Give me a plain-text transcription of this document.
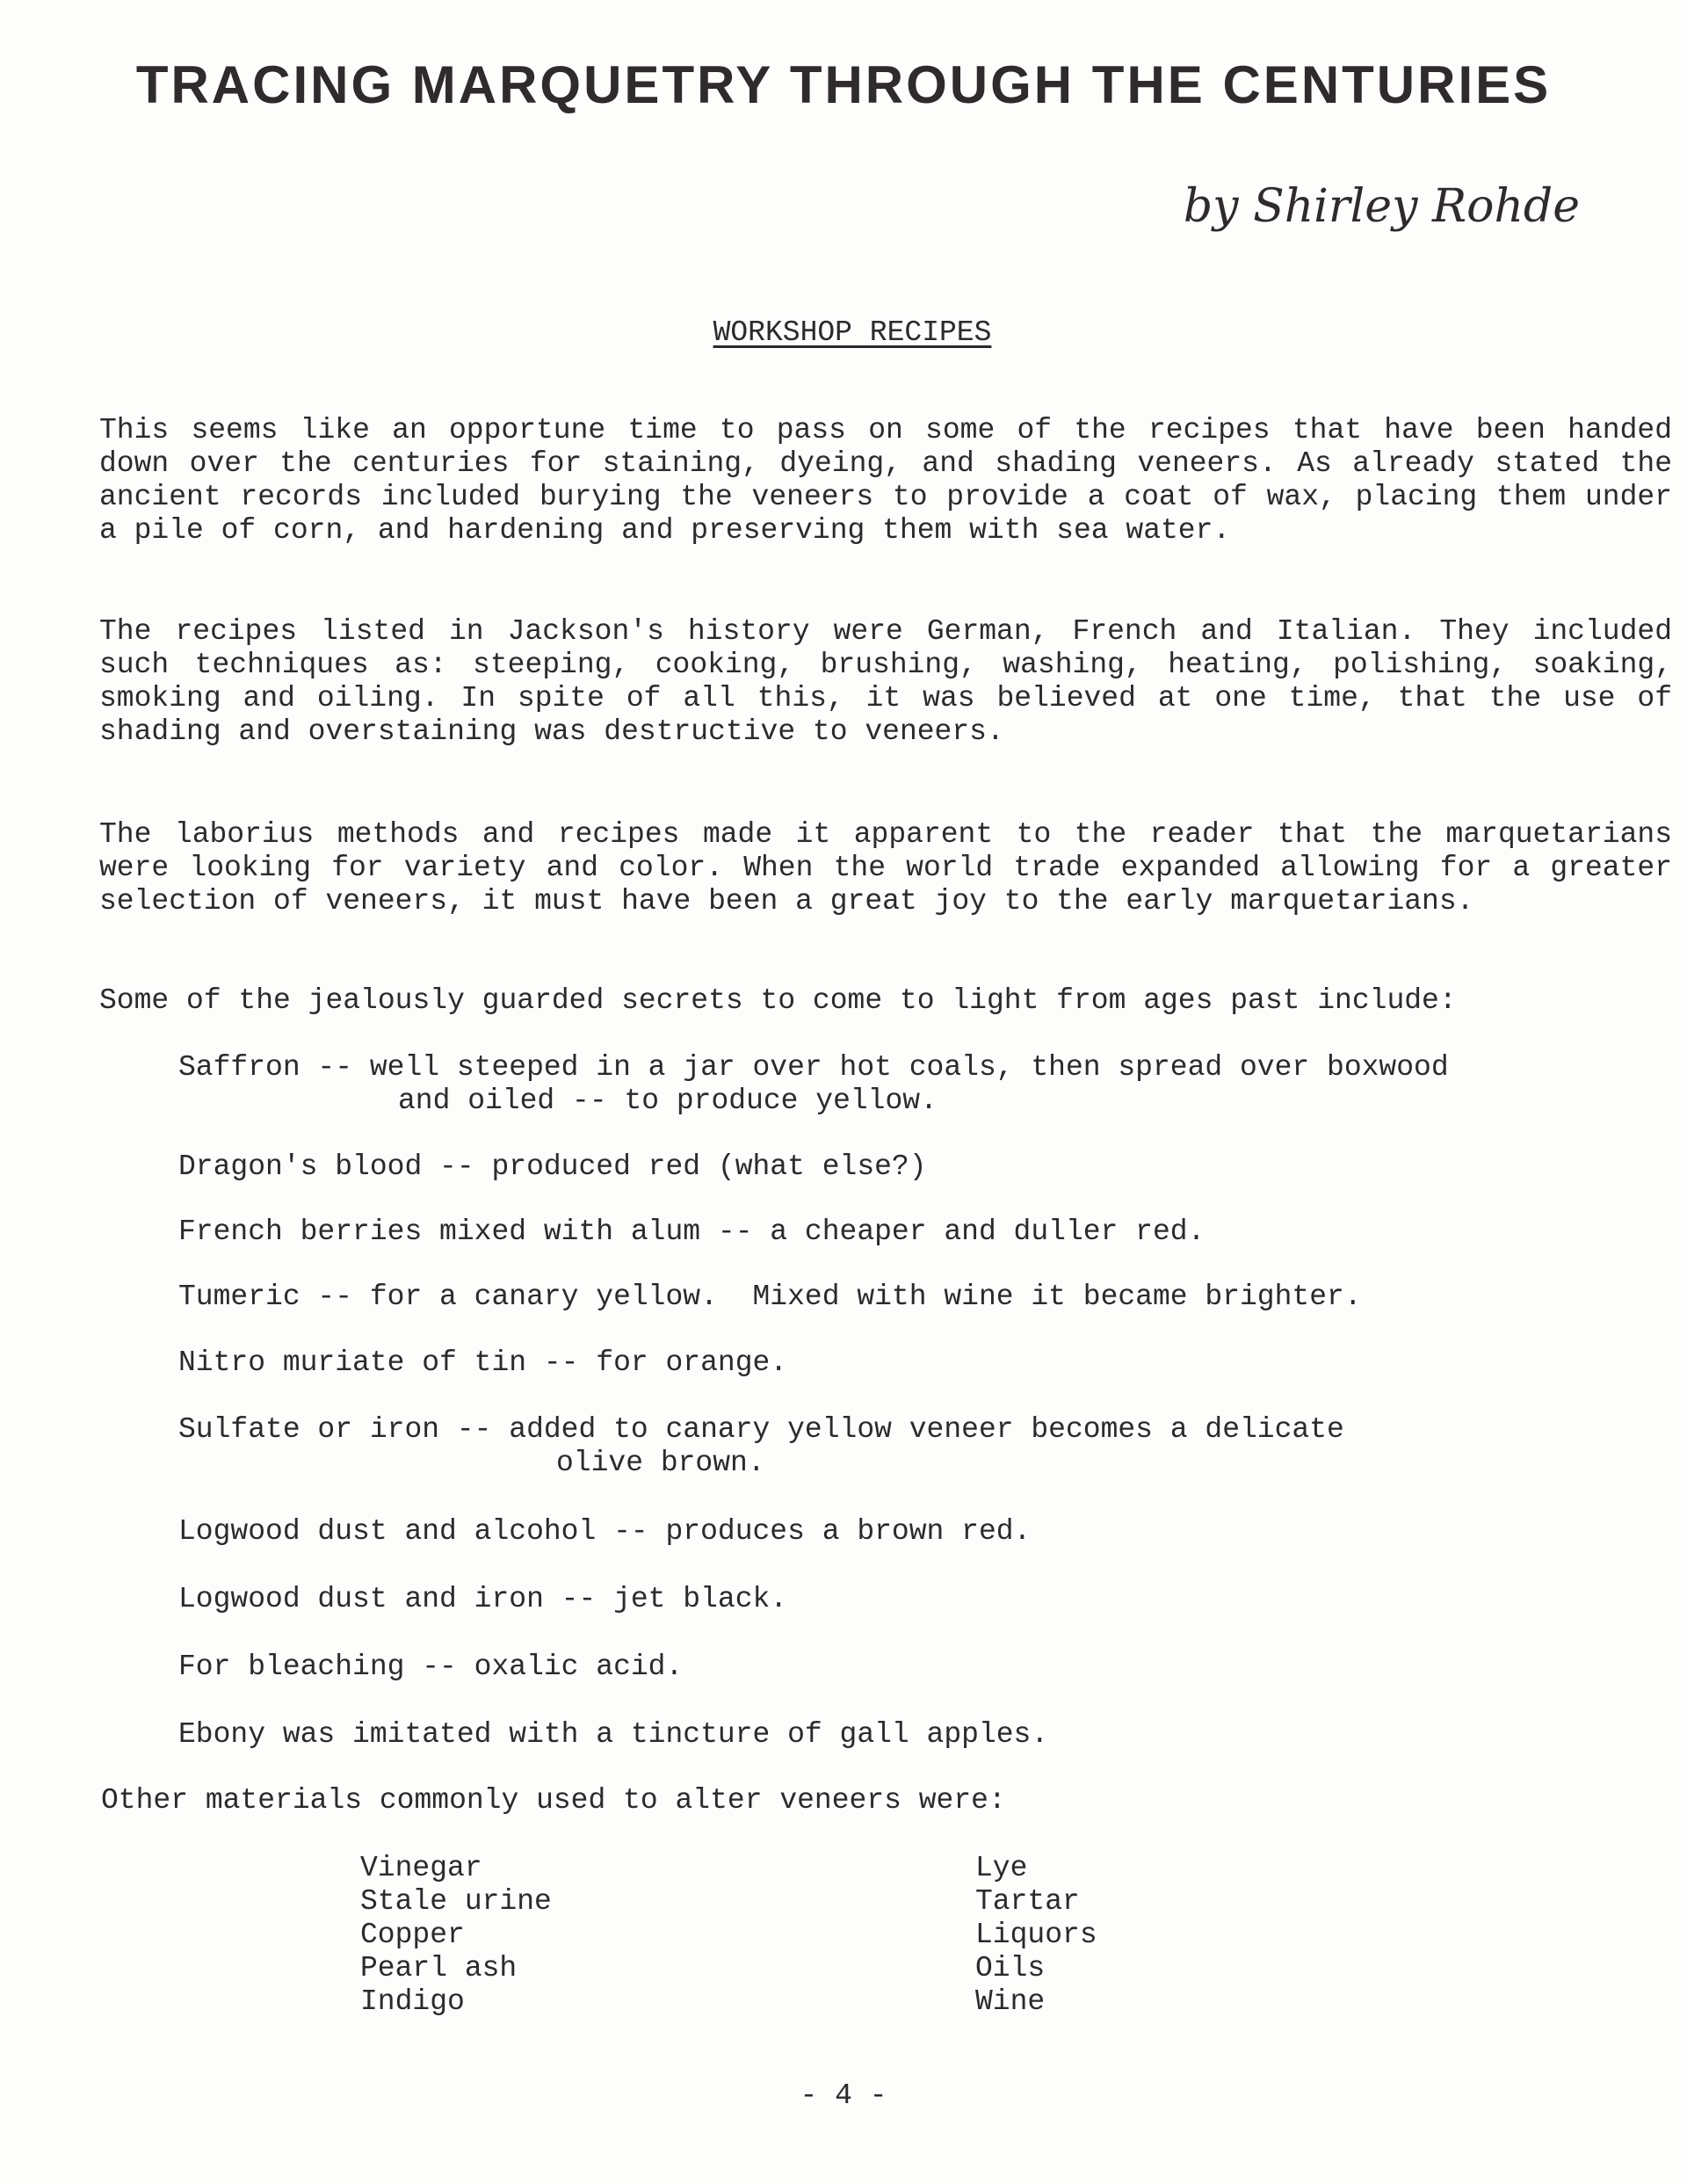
TRACING MARQUETRY THROUGH THE CENTURIES
by Shirley Rohde
WORKSHOP RECIPES

This seems like an opportune time to pass on some of the recipes that have been handed down over the centuries for staining, dyeing, and shading veneers. As already stated the ancient records included burying the veneers to provide a coat of wax, placing them under a pile of corn, and hardening and preserving them with sea water.

The recipes listed in Jackson's history were German, French and Italian. They included such techniques as: steeping, cooking, brushing, washing, heating, polishing, soaking, smoking and oiling. In spite of all this, it was believed at one time, that the use of shading and overstaining was destructive to veneers.

The laborius methods and recipes made it apparent to the reader that the marquetarians were looking for variety and color. When the world trade expanded allowing for a greater selection of veneers, it must have been a great joy to the early marquetarians.

Some of the jealously guarded secrets to come to light from ages past include:

Saffron -- well steeped in a jar over hot coals, then spread over boxwood
and oiled -- to produce yellow.
Dragon's blood -- produced red (what else?)
French berries mixed with alum -- a cheaper and duller red.
Tumeric -- for a canary yellow.  Mixed with wine it became brighter.
Nitro muriate of tin -- for orange.
Sulfate or iron -- added to canary yellow veneer becomes a delicate
olive brown.
Logwood dust and alcohol -- produces a brown red.
Logwood dust and iron -- jet black.
For bleaching -- oxalic acid.
Ebony was imitated with a tincture of gall apples.
Other materials commonly used to alter veneers were:
Vinegar
Stale urine
Copper
Pearl ash
Indigo
Lye
Tartar
Liquors
Oils
Wine
- 4 -
